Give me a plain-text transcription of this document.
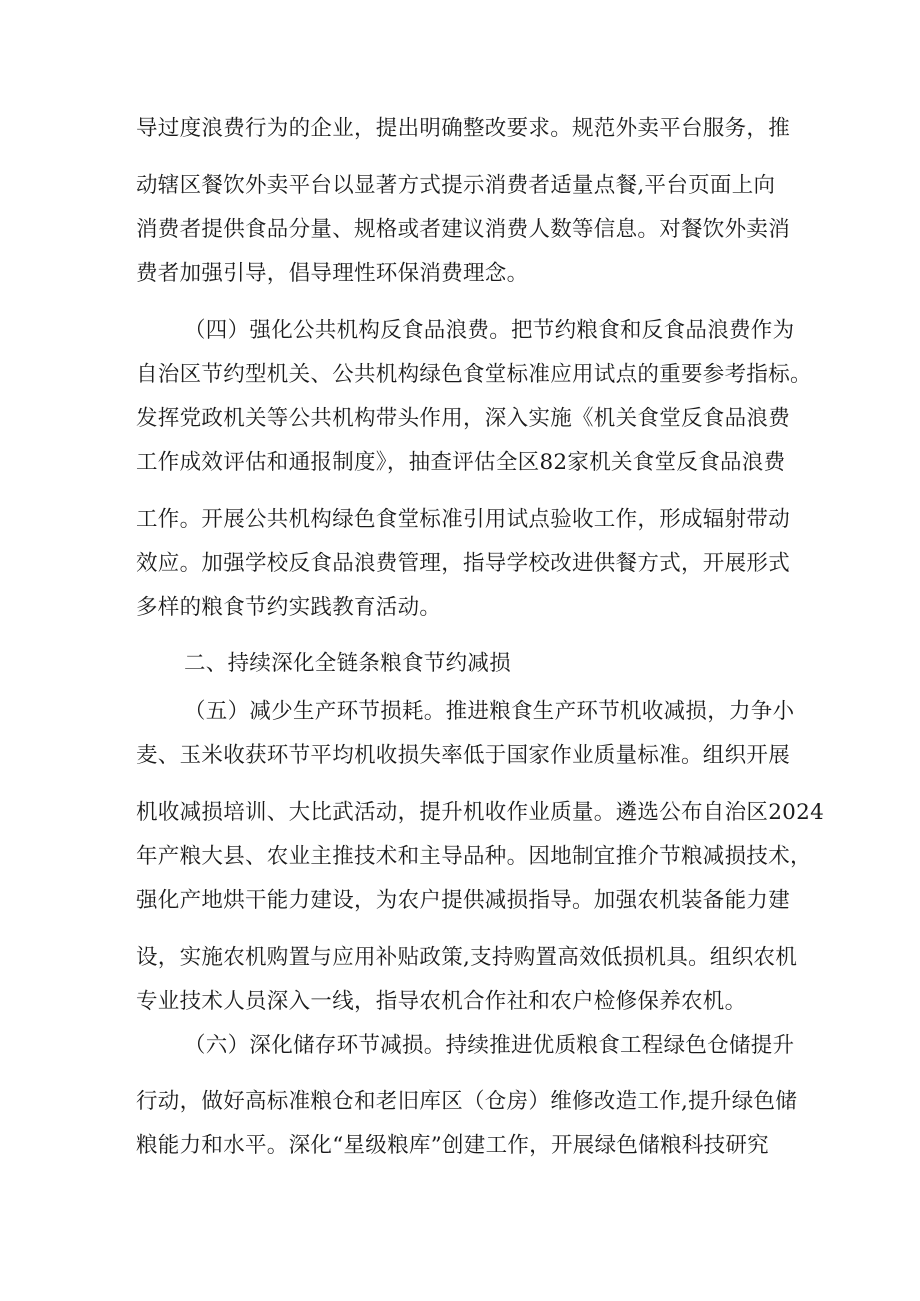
导过度浪费行为的企业，提出明确整改要求。规范外卖平台服务，推

动辖区餐饮外卖平台以显著方式提示消费者适量点餐,平台页面上向

消费者提供食品分量、规格或者建议消费人数等信息。对餐饮外卖消

费者加强引导，倡导理性环保消费理念。

（四）强化公共机构反食品浪费。把节约粮食和反食品浪费作为

自治区节约型机关、公共机构绿色食堂标准应用试点的重要参考指标。

发挥党政机关等公共机构带头作用，深入实施《机关食堂反食品浪费

工作成效评估和通报制度》，抽查评估全区82家机关食堂反食品浪费

工作。开展公共机构绿色食堂标准引用试点验收工作，形成辐射带动

效应。加强学校反食品浪费管理，指导学校改进供餐方式，开展形式

多样的粮食节约实践教育活动。

二、持续深化全链条粮食节约减损

（五）减少生产环节损耗。推进粮食生产环节机收减损，力争小

麦、玉米收获环节平均机收损失率低于国家作业质量标准。组织开展

机收减损培训、大比武活动，提升机收作业质量。遴选公布自治区2024

年产粮大县、农业主推技术和主导品种。因地制宜推介节粮减损技术，

强化产地烘干能力建设，为农户提供减损指导。加强农机装备能力建

设，实施农机购置与应用补贴政策,支持购置高效低损机具。组织农机

专业技术人员深入一线，指导农机合作社和农户检修保养农机。

（六）深化储存环节减损。持续推进优质粮食工程绿色仓储提升

行动，做好高标准粮仓和老旧库区（仓房）维修改造工作,提升绿色储

粮能力和水平。深化“星级粮库”创建工作，开展绿色储粮科技研究
